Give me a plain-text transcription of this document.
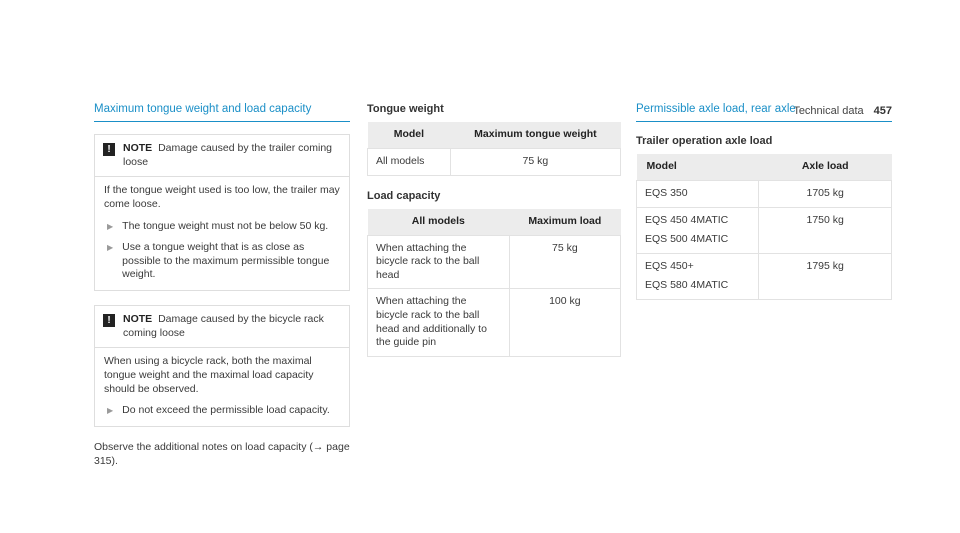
Technical data 457
Maximum tongue weight and load capacity
!	NOTE Damage caused by the trailer coming loose

If the tongue weight used is too low, the trailer may come loose.

▶ The tongue weight must not be below 50 kg.
▶ Use a tongue weight that is as close as possible to the maximum permissible tongue weight.
!	NOTE Damage caused by the bicycle rack coming loose

When using a bicycle rack, both the maximal tongue weight and the maximal load capacity should be observed.

▶ Do not exceed the permissible load capacity.

Observe the additional notes on load capacity (→ page 315).

Tongue weight
Model	Maximum tongue weight
All models	75 kg
Load capacity
All models	Maximum load
When attaching the bicycle rack to the ball head	75 kg
When attaching the bicycle rack to the ball head and additionally to the guide pin	100 kg
Permissible axle load, rear axle
Trailer operation axle load
Model	Axle load

EQS 350	1705 kg

EQS 450 4MATIC
EQS 500 4MATIC	1750 kg

EQS 450+
EQS 580 4MATIC	1795 kg
